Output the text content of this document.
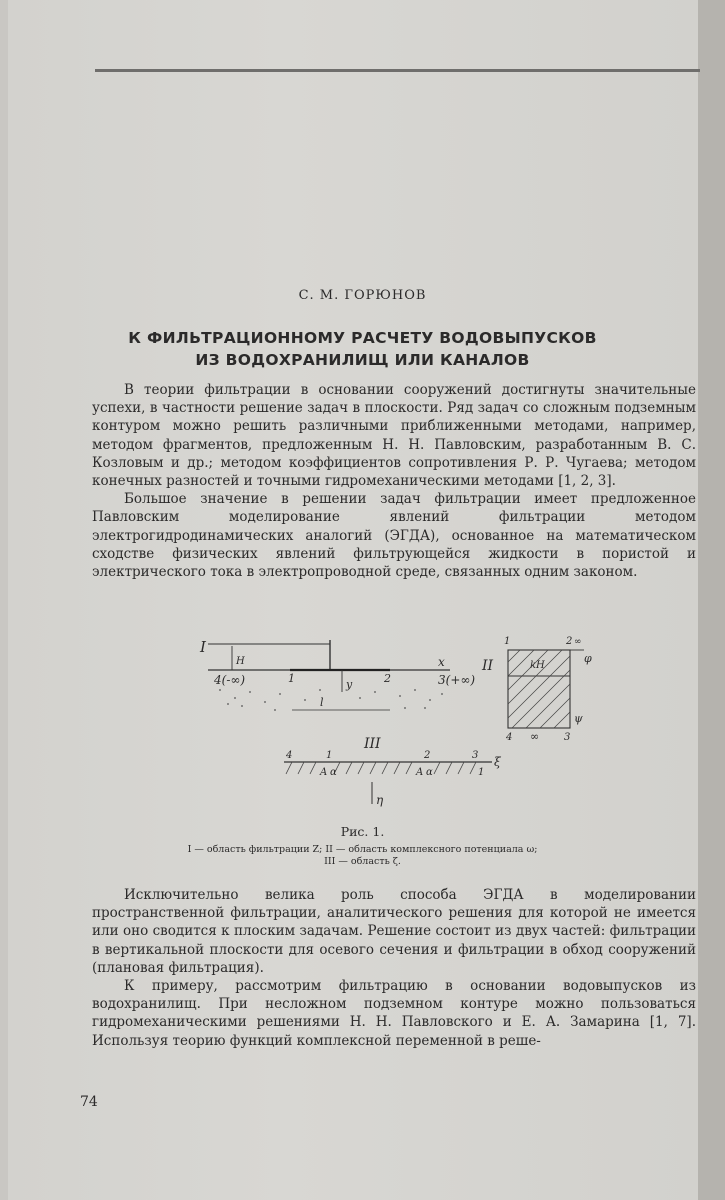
С. М. ГОРЮНОВ
К ФИЛЬТРАЦИОННОМУ РАСЧЕТУ ВОДОВЫПУСКОВ
ИЗ ВОДОХРАНИЛИЩ ИЛИ КАНАЛОВ

В теории фильтрации в основании сооружений достигнуты значительные успехи, в частности решение задач в плоскости. Ряд задач со сложным подземным контуром можно решить различными приближенными методами, например, методом фрагментов, предложенным Н. Н. Павловским, разработанным В. С. Козловым и др.; методом коэффициентов сопротивления Р. Р. Чугаева; методом конечных разностей и точными гидромеханическими методами [1, 2, 3].

Большое значение в решении задач фильтрации имеет предложенное Павловским моделирование явлений фильтрации методом электрогидродинамических аналогий (ЭГДА), основанное на математическом сходстве физических явлений фильтрующейся жидкости в пористой и электрического тока в электропроводной среде, связанных одним законом.

I
H	x
4(-∞)	1	2	3(+∞)
y
l
II
1	2 ∞
kH
φ
ψ
4 ∞ 3
III
4	1	2	3 ξ
A α	A α	1
η
Рис. 1.
I — область фильтрации Z; II — область комплексного потенциала ω;
III — область ζ.

Исключительно велика роль способа ЭГДА в моделировании пространственной фильтрации, аналитического решения для которой не имеется или оно сводится к плоским задачам. Решение состоит из двух частей: фильтрации в вертикальной плоскости для осевого сечения и фильтрации в обход сооружений (плановая фильтрация).

К примеру, рассмотрим фильтрацию в основании водовыпусков из водохранилищ. При несложном подземном контуре можно пользоваться гидромеханическими решениями Н. Н. Павловского и Е. А. Замарина [1, 7]. Используя теорию функций комплексной переменной в реше-

74
